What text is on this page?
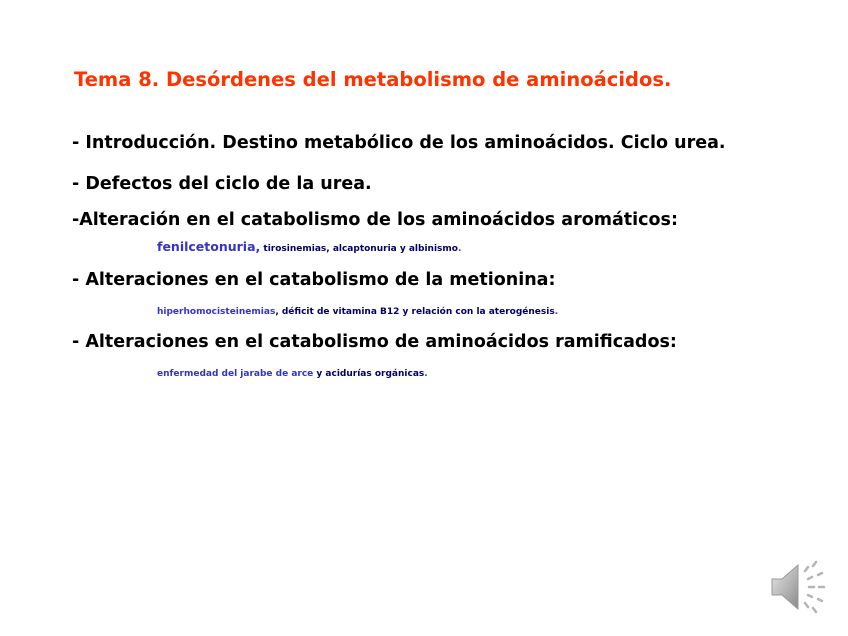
Tema 8. Desórdenes del metabolismo de aminoácidos.
- Introducción. Destino metabólico de los aminoácidos. Ciclo urea.
- Defectos del ciclo de la urea.
-Alteración en el catabolismo de los aminoácidos aromáticos:
fenilcetonuria, tirosinemias, alcaptonuria y albinismo.
- Alteraciones en el catabolismo de la metionina:
hiperhomocisteinemias, déficit de vitamina B12 y relación con la aterogénesis.
- Alteraciones en el catabolismo de aminoácidos ramificados:
enfermedad del jarabe de arce y acidurías orgánicas.
